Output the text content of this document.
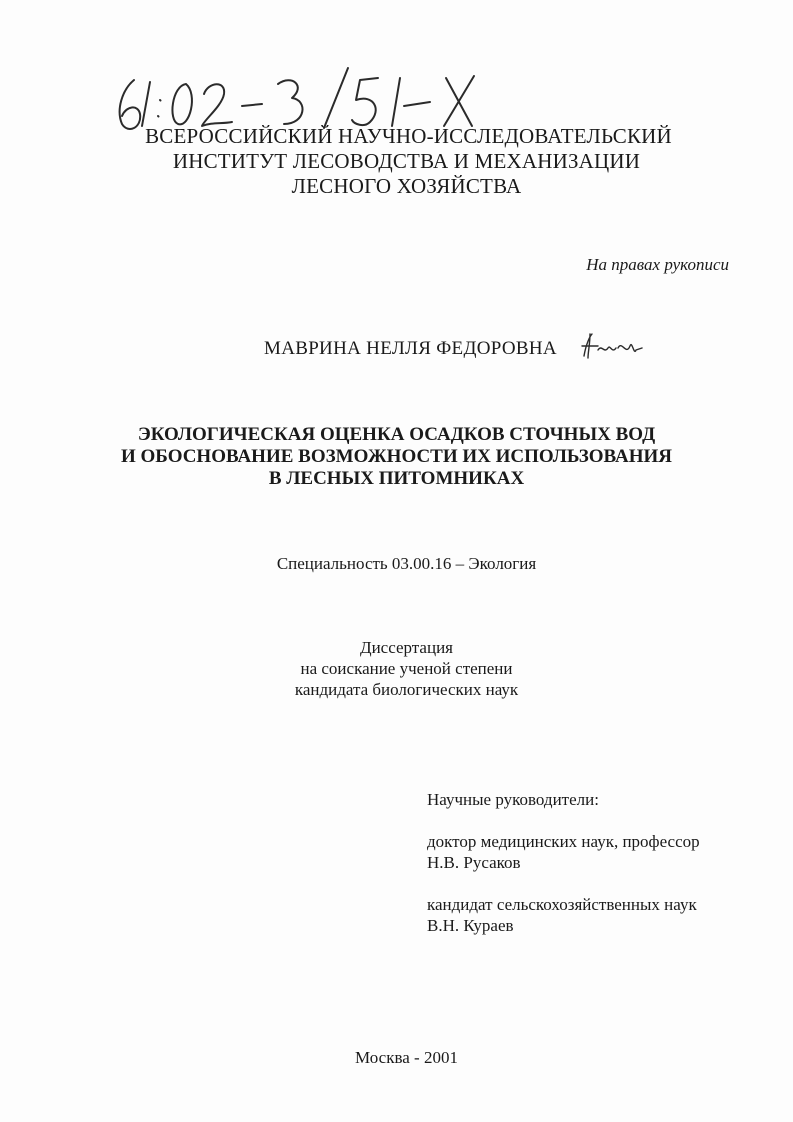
ВСЕРОССИЙСКИЙ НАУЧНО-ИССЛЕДОВАТЕЛЬСКИЙ
ИНСТИТУТ ЛЕСОВОДСТВА И МЕХАНИЗАЦИИ
ЛЕСНОГО ХОЗЯЙСТВА
На правах рукописи
МАВРИНА НЕЛЛЯ ФЕДОРОВНА
ЭКОЛОГИЧЕСКАЯ ОЦЕНКА ОСАДКОВ СТОЧНЫХ ВОД
И ОБОСНОВАНИЕ ВОЗМОЖНОСТИ ИХ ИСПОЛЬЗОВАНИЯ
В ЛЕСНЫХ ПИТОМНИКАХ
Специальность 03.00.16 – Экология
Диссертация
на соискание ученой степени
кандидата биологических наук
Научные руководители:
доктор медицинских наук, профессор
Н.В. Русаков
кандидат сельскохозяйственных наук
В.Н. Кураев
Москва - 2001
